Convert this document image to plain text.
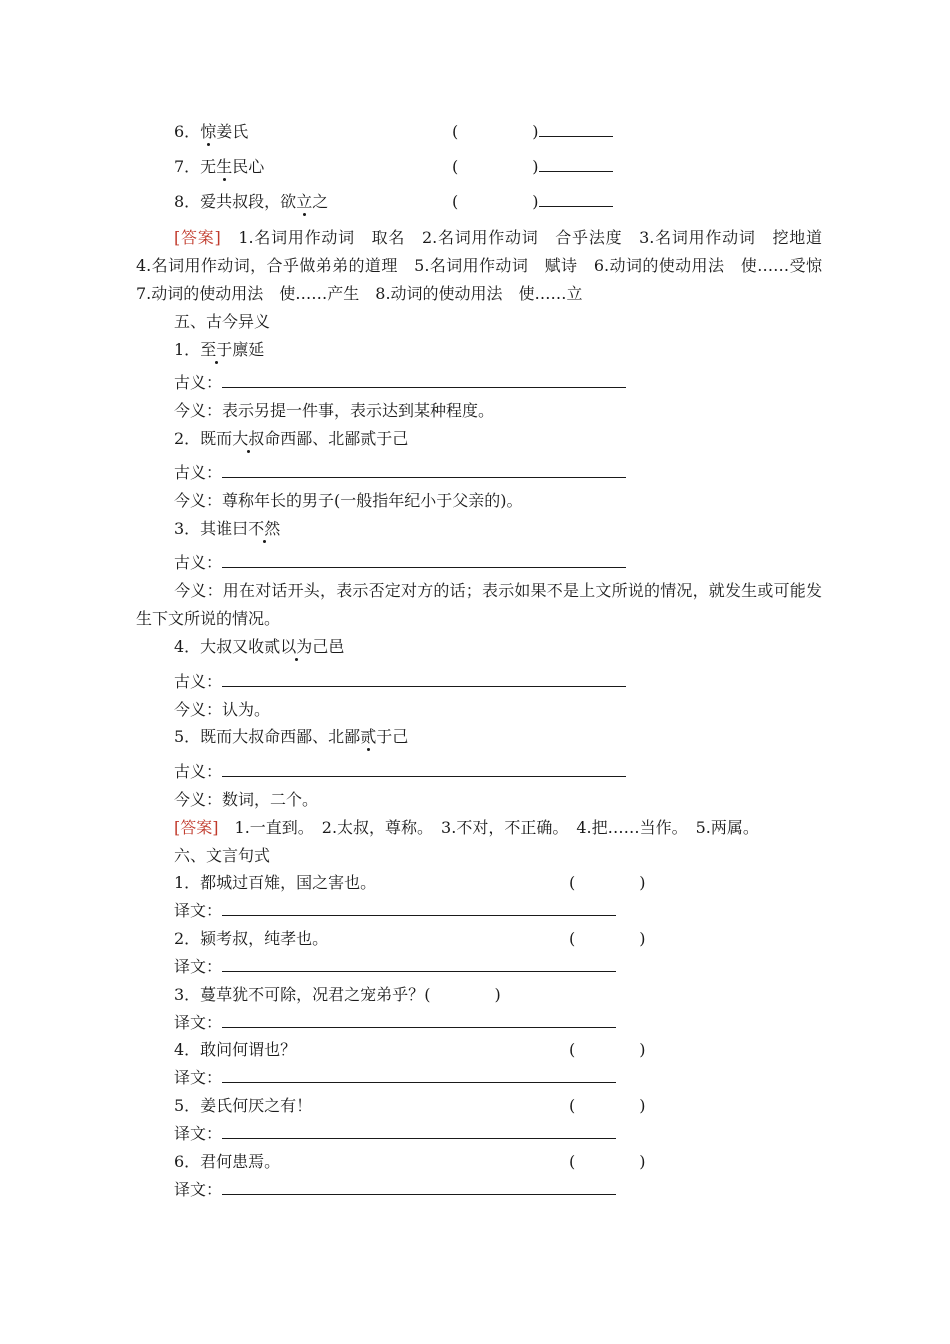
6．惊姜氏	(	)
7．无生民心	(	)
8．爱共叔段，欲立之	(	)
[答案]　 1.名词用作动词　取名　2.名词用作动词　合乎法度　3.名词用作动词　挖地道　4.名词用作动词，合乎做弟弟的道理　5.名词用作动词　赋诗　6.动词的使动用法　使……受惊　7.动词的使动用法　使……产生　8.动词的使动用法　使……立
五、古今异义
1．至于廪延
古义：
今义：表示另提一件事，表示达到某种程度。
2．既而大叔命西鄙、北鄙贰于己
古义：
今义：尊称年长的男子(一般指年纪小于父亲的)。
3．其谁曰不然
古义：
今义：用在对话开头，表示否定对方的话；表示如果不是上文所说的情况，就发生或可能发生下文所说的情况。
4．大叔又收贰以为己邑
古义：
今义：认为。
5．既而大叔命西鄙、北鄙贰于己
古义：
今义：数词，二个。
[答案]　 1.一直到。　2.太叔，尊称。　3.不对，不正确。　4.把……当作。　5.两属。
六、文言句式
1．都城过百雉，国之害也。	(	)
译文：
2．颍考叔，纯孝也。	(	)
译文：
3．蔓草犹不可除，况君之宠弟乎？(	)
译文：
4．敢问何谓也？	(	)
译文：
5．姜氏何厌之有！	(	)
译文：
6．君何患焉。	(	)
译文：
